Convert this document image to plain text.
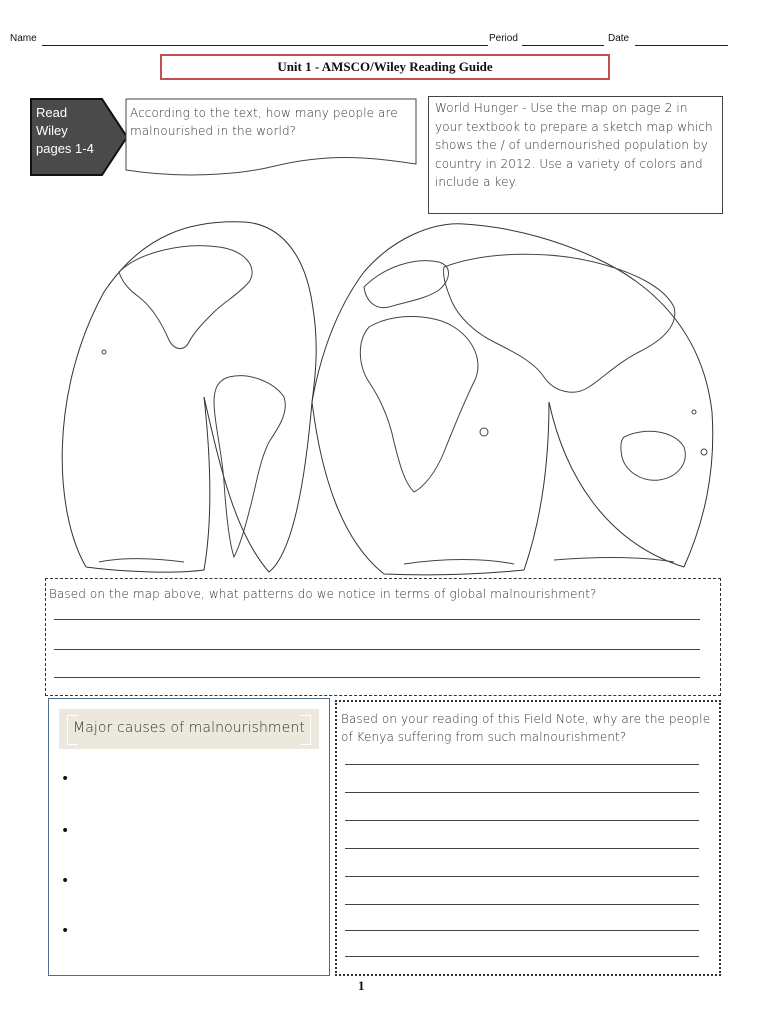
Name	Period	Date
Unit 1 - AMSCO/Wiley Reading Guide
Read
Wiley
pages 1-4
According to the text, how many people are malnourished in the world?
World Hunger - Use the map on page 2 in your textbook to prepare a sketch map which shows the / of undernourished population by country in 2012. Use a variety of colors and include a key.
Based on the map above, what patterns do we notice in terms of global malnourishment?
Major causes of malnourishment
•
•
•
•
Based on your reading of this Field Note, why are the people of Kenya suffering from such malnourishment?
1
